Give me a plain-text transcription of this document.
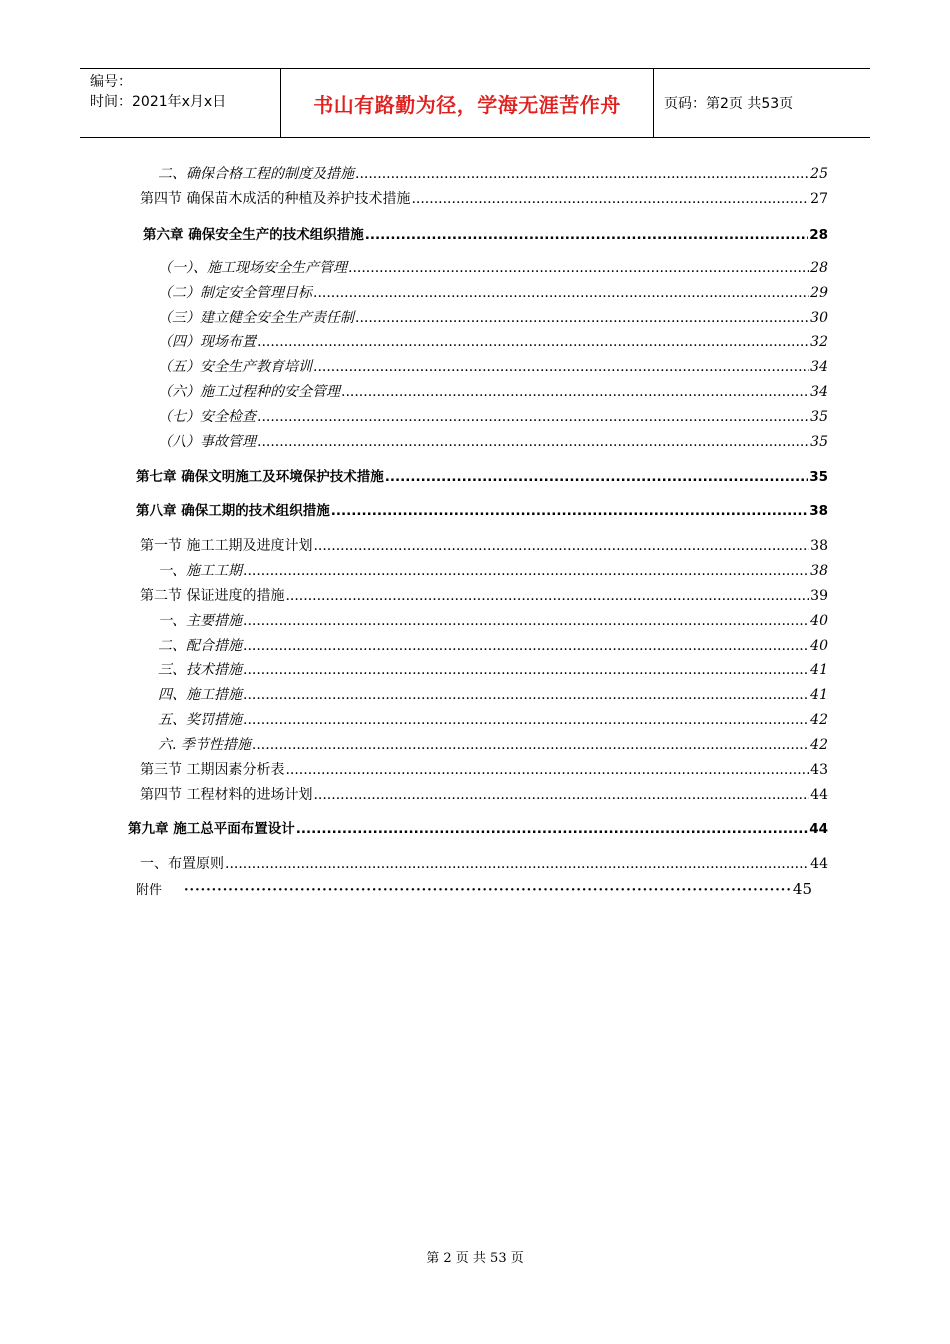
编号：
时间：2021年x月x日	书山有路勤为径，学海无涯苦作舟	页码：第2页 共53页
二、确保合格工程的制度及措施 .....	25
第四节 确保苗木成活的种植及养护技术措施 .....	27
第六章 确保安全生产的技术组织措施 .....	28
（一）、施工现场安全生产管理 .....	28
（二）制定安全管理目标 .....	29
（三）建立健全安全生产责任制 .....	30
（四）现场布置 .....	32
（五）安全生产教育培训 .....	34
（六）施工过程种的安全管理 .....	34
（七）安全检查 .....	35
（八）事故管理 .....	35
第七章 确保文明施工及环境保护技术措施 .....	35
第八章 确保工期的技术组织措施 .....	38
第一节 施工工期及进度计划 .....	38
一、施工工期 .....	38
第二节 保证进度的措施 .....	39
一、主要措施 .....	40
二、配合措施 .....	40
三、技术措施 .....	41
四、施工措施 .....	41
五、奖罚措施 .....	42
六. 季节性措施 .....	42
第三节 工期因素分析表 .....	43
第四节 工程材料的进场计划 .....	44
第九章 施工总平面布置设计 .....	44
一、布置原则 .....	44
附件 ·····	45
第 2 页 共 53 页
